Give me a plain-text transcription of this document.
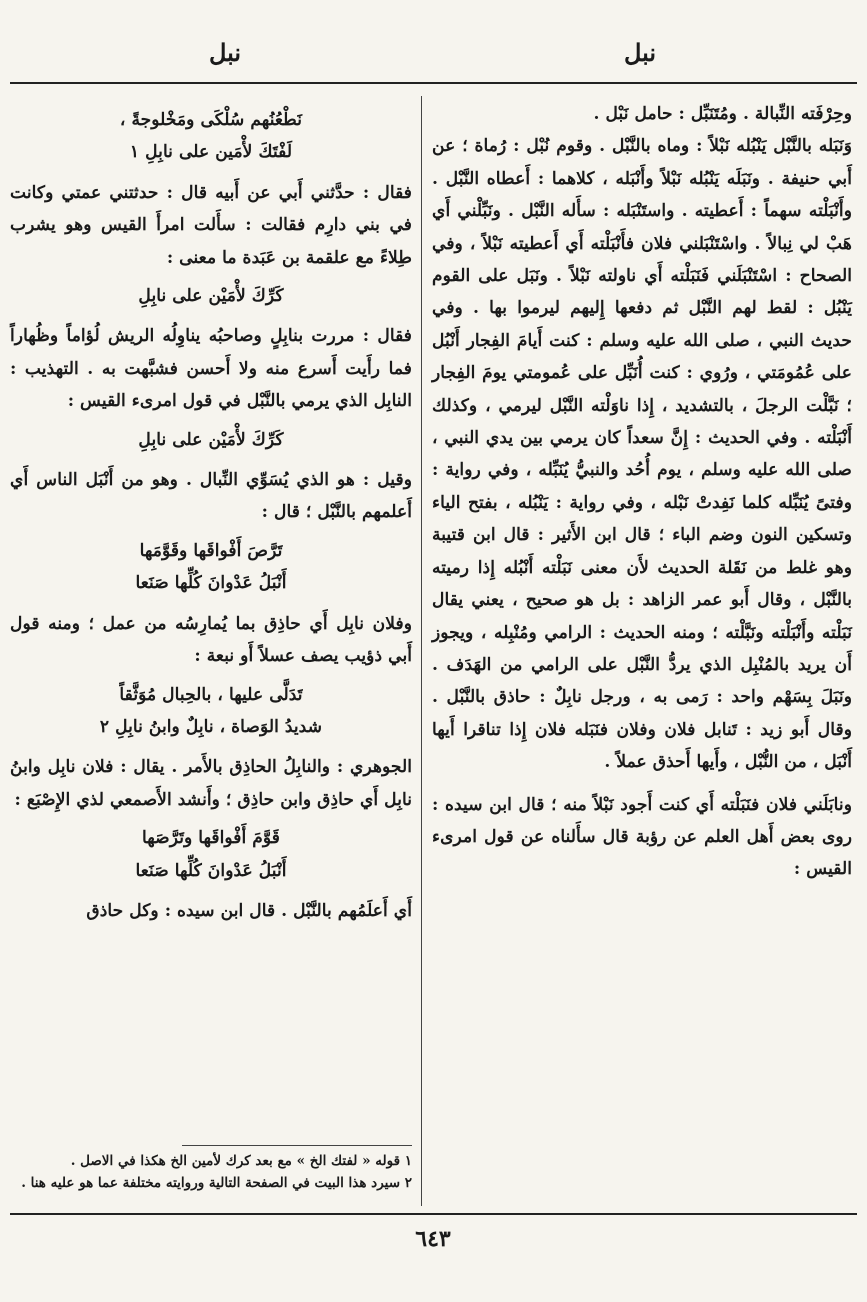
نبل
نبل

وحِرْفَته النِّبالة . ومُتَنَبِّل : حامل نَبْل .

وَنَبَله بالنَّبْل يَنْبُله نَبْلاً : وماه بالنَّبْل . وقوم نُبْل : رُماة ؛ عن أَبي حنيفة . ونَبَلَه يَنْبُله نَبْلاً وأَنْبَله ، كلاهما : أَعطاه النَّبْل . وأَنْبَلْته سهماً : أَعطيته . واستَنْبَله : سأَله النَّبْل . ونَبِّلْني أَي هَبْ لي نِبالاً . واسْتَنْبَلني فلان فأَنْبَلْته أَي أَعطيته نَبْلاً ، وفي الصحاح : اسْتَنْبَلَني فَنَبَلْته أَي ناولته نَبْلاً . ونَبَل على القوم يَنْبُل : لقط لهم النَّبْل ثم دفعها إِليهم ليرموا بها . وفي حديث النبي ، صلى الله عليه وسلم : كنت أَيامَ الفِجار أَنْبُل على عُمُومَتي ، ورُوي : كنت أُنَبِّل على عُمومتي يومَ الفِجار ؛ نَبَّلْت الرجلَ ، بالتشديد ، إِذا ناوَلْته النَّبْل ليرمي ، وكذلك أَنْبَلْته . وفي الحديث : إِنَّ سعداً كان يرمي بين يدي النبي ، صلى الله عليه وسلم ، يوم أُحُد والنبيُّ يُنَبِّله ، وفي رواية : وفتىً يُنَبِّله كلما نَفِدتْ نَبْله ، وفي رواية : يَنْبُله ، بفتح الياء وتسكين النون وضم الباء ؛ قال ابن الأَثير : قال ابن قتيبة وهو غلط من نَقَلة الحديث لأَن معنى نَبَلْته أَنْبُله إِذا رميته بالنَّبْل ، وقال أَبو عمر الزاهد : بل هو صحيح ، يعني يقال نَبَلْته وأَنْبَلْته ونَبَّلْته ؛ ومنه الحديث : الرامي ومُنْبِله ، ويجوز أَن يريد بالمُنْبِل الذي يردُّ النَّبْل على الرامي من الهَدَف . ونَبَلَ بِسَهْم واحد : رَمى به ، ورجل نابِلٌ : حاذق بالنَّبْل . وقال أَبو زيد : تَنابل فلان وفلان فنَبَله فلان إِذا تناقرا أَيها أَنْبَل ، من النُّبْل ، وأَيها أَحذق عملاً .

ونابَلَني فلان فنَبَلْته أَي كنت أَجود نَبْلاً منه ؛ قال ابن سيده : روى بعض أَهل العلم عن رؤبة قال سأَلناه عن قول امرىء القيس :

نَطْعُنُهم سُلْكَى ومَخْلوجةً ،

لَفْتَكَ لأْمَين على نابِلِ ١

فقال : حدَّثني أَبي عن أَبيه قال : حدثتني عمتي وكانت في بني دارِم فقالت : سأَلت امرأَ القيس وهو يشرب طِلاءً مع علقمة بن عَبَدة ما معنى :

كَرِّكَ لأْمَيْن على نابِلِ

فقال : مررت بنابِلٍ وصاحبُه يناوِلُه الريش لُؤاماً وظُهاراً فما رأَيت أَسرع منه ولا أَحسن فشبَّهت به . التهذيب : النابِل الذي يرمي بالنَّبْل في قول امرىء القيس :

كَرِّكَ لأْمَيْن على نابِلِ

وقيل : هو الذي يُسَوِّي النِّبال . وهو من أَنْبَل الناس أَي أَعلمهم بالنَّبْل ؛ قال :

تَرَّصَ أَفْواقَها وقَوَّمَها

أَنْبَلُ عَدْوانَ كُلِّها صَنَعا

وفلان نابِل أَي حاذِق بما يُمارِسُه من عمل ؛ ومنه قول أَبي ذؤيب يصف عسلاً أَو نبعة :

تَدَلَّى عليها ، بالحِبال مُوَثَّقاً

شديدُ الوَصاة ، نابِلٌ وابنُ نابِلِ ٢

الجوهري : والنابِلُ الحاذِق بالأَمر . يقال : فلان نابِل وابنُ نابِل أَي حاذِق وابن حاذِق ؛ وأَنشد الأَصمعي لذي الإِصْبَع :

قَوَّمَ أَفْواقَها وتَرَّصَها

أَنْبَلُ عَدْوانَ كُلِّها صَنَعا

أَي أَعلَمُهم بالنَّبْل . قال ابن سيده : وكل حاذق

١ قوله « لفتك الخ » مع بعد كرك لأمين الخ هكذا في الاصل .

٢ سيرد هذا البيت في الصفحة التالية وروايته مختلفة عما هو عليه هنا .

٦٤٣
